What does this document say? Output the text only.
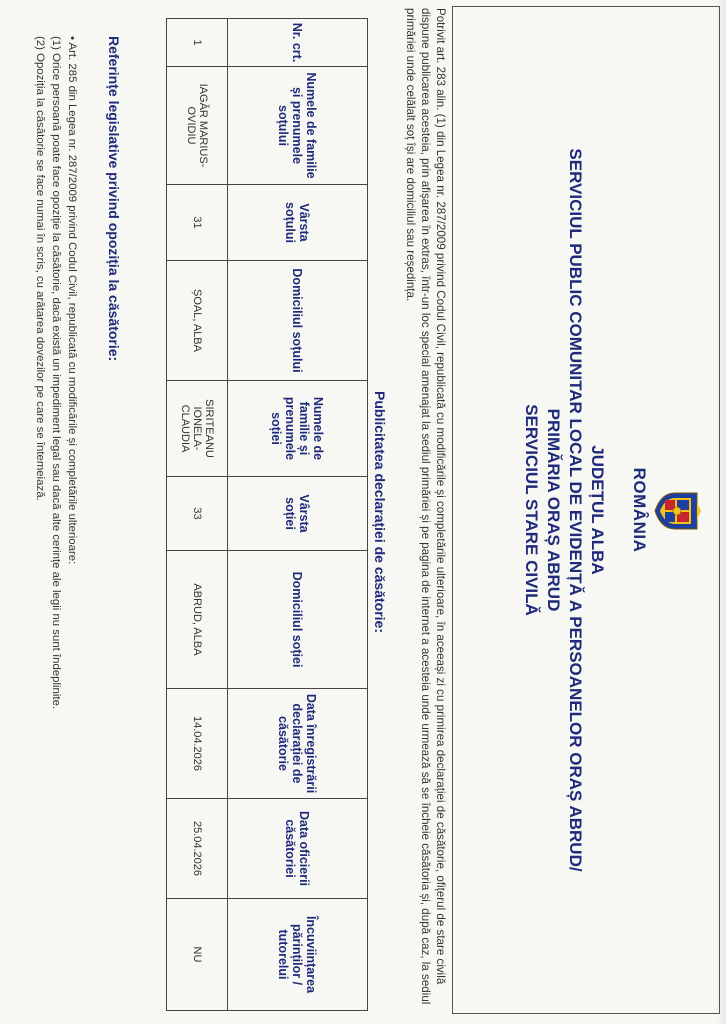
ROMÂNIA
JUDEȚUL ALBA
SERVICIUL PUBLIC COMUNITAR LOCAL DE EVIDENȚĂ A PERSOANELOR ORAȘ ABRUD/
PRIMĂRIA ORAȘ ABRUD
SERVICIUL STARE CIVILĂ
Potrivit art. 283 alin. (1) din Legea nr. 287/2009 privind Codul Civil, republicată cu modificările și completările ulterioare, în aceeași zi cu primirea declarației de căsătorie, ofițerul de stare civilă dispune publicarea acesteia, prin afișarea în extras, într-un loc special amenajat la sediul primăriei și pe pagina de internet a acesteia unde urmează să se încheie căsătoria și, după caz, la sediul primăriei unde celălalt soț își are domiciliul sau reședința.
Publicitatea declarației de căsătorie:
Nr. crt.	Numele de familie și prenumele soțului	Vârsta soțului	Domiciliul soțului	Numele de familie și prenumele soției	Vârsta soției	Domiciliul soției	Data înregistrării declarației de căsătorie	Data oficierii căsătoriei	Încuviințarea părinților / tutorelui
1	IAGĂR MARIUS-OVIDIU	31	ȘOAL, ALBA	SIRITEANU IONELA-CLAUDIA	33	ABRUD, ALBA	14.04.2026	25.04.2026	NU
Referințe legislative privind opoziția la căsătorie:
• Art. 285 din Legea nr. 287/2009 privind Codul Civil, republicată cu modificările și completările ulterioare:
(1) Orice persoană poate face opoziție la căsătorie, dacă există un impediment legal sau dacă alte cerințe ale legii nu sunt îndeplinite.
(2) Opoziția la căsătorie se face numai în scris, cu arătarea dovezilor pe care se întemeiază.
